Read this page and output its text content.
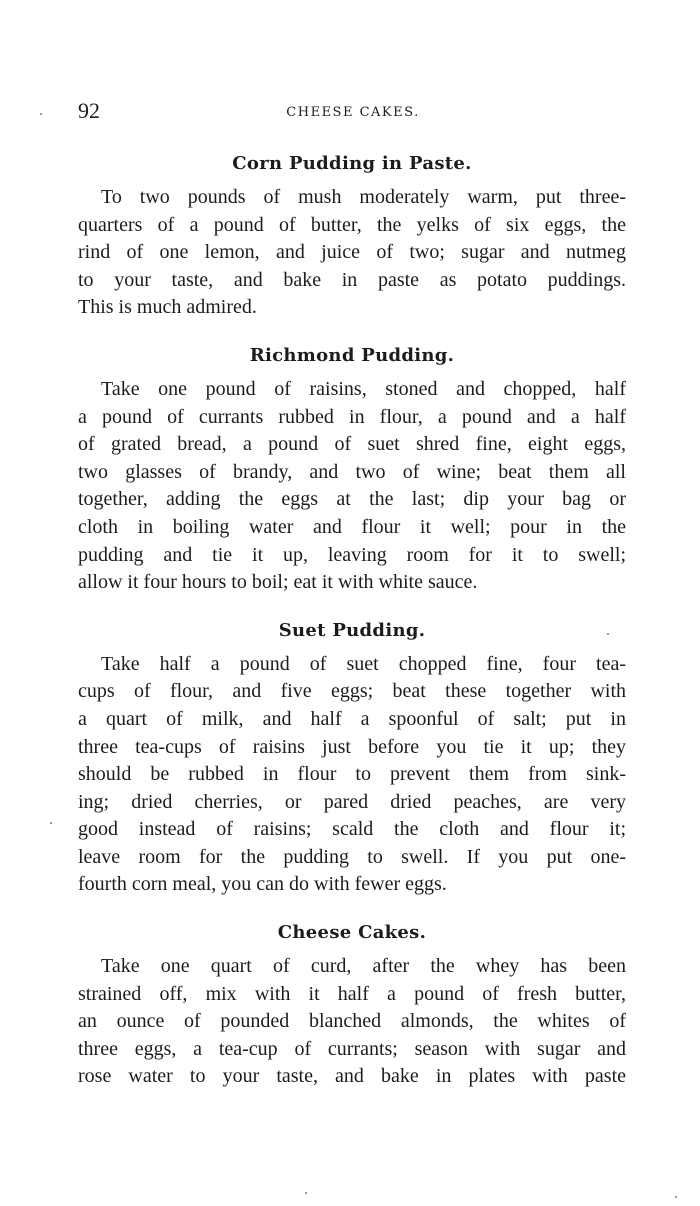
92	CHEESE CAKES.
Corn Pudding in Paste.

To two pounds of mush moderately warm, put three-
quarters of a pound of butter, the yelks of six eggs, the
rind of one lemon, and juice of two; sugar and nutmeg
to your taste, and bake in paste as potato puddings.
This is much admired.

Richmond Pudding.

Take one pound of raisins, stoned and chopped, half
a pound of currants rubbed in flour, a pound and a half
of grated bread, a pound of suet shred fine, eight eggs,
two glasses of brandy, and two of wine; beat them all
together, adding the eggs at the last; dip your bag or
cloth in boiling water and flour it well; pour in the
pudding and tie it up, leaving room for it to swell;
allow it four hours to boil; eat it with white sauce.

Suet Pudding.

Take half a pound of suet chopped fine, four tea-
cups of flour, and five eggs; beat these together with
a quart of milk, and half a spoonful of salt; put in
three tea-cups of raisins just before you tie it up; they
should be rubbed in flour to prevent them from sink-
ing; dried cherries, or pared dried peaches, are very
good instead of raisins; scald the cloth and flour it;
leave room for the pudding to swell. If you put one-
fourth corn meal, you can do with fewer eggs.

Cheese Cakes.

Take one quart of curd, after the whey has been
strained off, mix with it half a pound of fresh butter,
an ounce of pounded blanched almonds, the whites of
three eggs, a tea-cup of currants; season with sugar and
rose water to your taste, and bake in plates with paste
